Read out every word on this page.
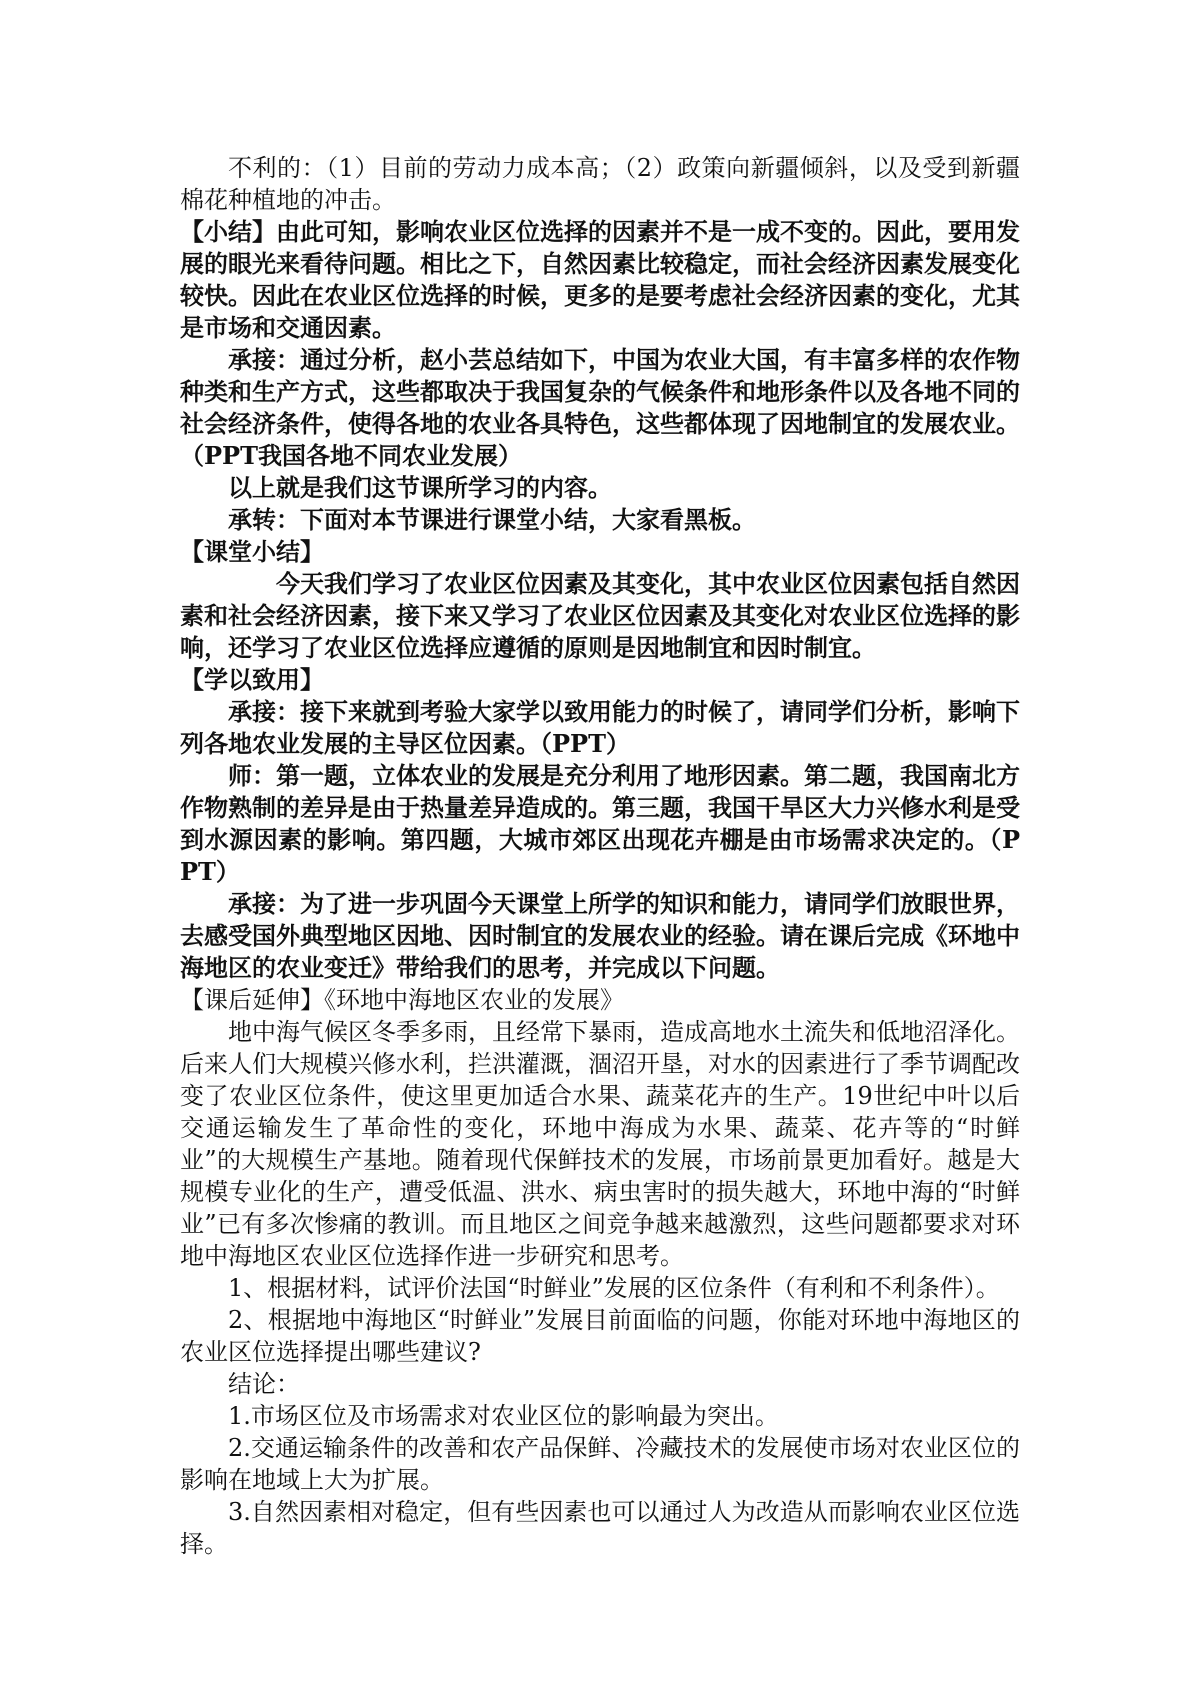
不利的：（1）目前的劳动力成本高；（2）政策向新疆倾斜，以及受到新疆棉花种植地的冲击。

【小结】由此可知，影响农业区位选择的因素并不是一成不变的。因此，要用发展的眼光来看待问题。相比之下，自然因素比较稳定，而社会经济因素发展变化较快。因此在农业区位选择的时候，更多的是要考虑社会经济因素的变化，尤其是市场和交通因素。

承接：通过分析，赵小芸总结如下，中国为农业大国，有丰富多样的农作物种类和生产方式，这些都取决于我国复杂的气候条件和地形条件以及各地不同的社会经济条件，使得各地的农业各具特色，这些都体现了因地制宜的发展农业。（PPT我国各地不同农业发展）

以上就是我们这节课所学习的内容。

承转：下面对本节课进行课堂小结，大家看黑板。

【课堂小结】

今天我们学习了农业区位因素及其变化，其中农业区位因素包括自然因素和社会经济因素，接下来又学习了农业区位因素及其变化对农业区位选择的影响，还学习了农业区位选择应遵循的原则是因地制宜和因时制宜。

【学以致用】

承接：接下来就到考验大家学以致用能力的时候了，请同学们分析，影响下列各地农业发展的主导区位因素。（PPT）

师：第一题，立体农业的发展是充分利用了地形因素。第二题，我国南北方作物熟制的差异是由于热量差异造成的。第三题，我国干旱区大力兴修水利是受到水源因素的影响。第四题，大城市郊区出现花卉棚是由市场需求决定的。（PPT）

承接：为了进一步巩固今天课堂上所学的知识和能力，请同学们放眼世界，去感受国外典型地区因地、因时制宜的发展农业的经验。请在课后完成《环地中海地区的农业变迁》带给我们的思考，并完成以下问题。

【课后延伸】《环地中海地区农业的发展》

地中海气候区冬季多雨，且经常下暴雨，造成高地水土流失和低地沼泽化。后来人们大规模兴修水利，拦洪灌溉，涸沼开垦，对水的因素进行了季节调配改变了农业区位条件，使这里更加适合水果、蔬菜花卉的生产。19世纪中叶以后交通运输发生了革命性的变化，环地中海成为水果、蔬菜、花卉等的“时鲜业”的大规模生产基地。随着现代保鲜技术的发展，市场前景更加看好。越是大规模专业化的生产，遭受低温、洪水、病虫害时的损失越大，环地中海的“时鲜业”已有多次惨痛的教训。而且地区之间竞争越来越激烈，这些问题都要求对环地中海地区农业区位选择作进一步研究和思考。

1、根据材料，试评价法国“时鲜业”发展的区位条件（有利和不利条件）。

2、根据地中海地区“时鲜业”发展目前面临的问题，你能对环地中海地区的农业区位选择提出哪些建议?

结论：

1.市场区位及市场需求对农业区位的影响最为突出。

2.交通运输条件的改善和农产品保鲜、冷藏技术的发展使市场对农业区位的影响在地域上大为扩展。

3.自然因素相对稳定，但有些因素也可以通过人为改造从而影响农业区位选择。
